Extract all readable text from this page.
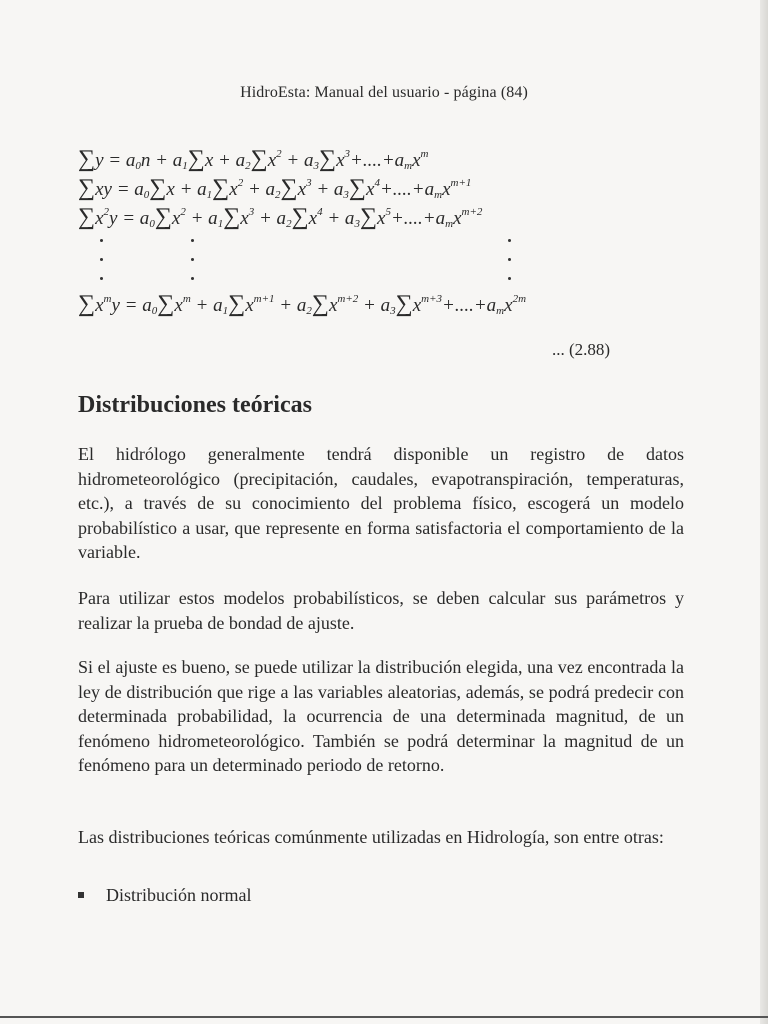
HidroEsta: Manual del usuario - página (84)
$\sum y = a_0n + a_1\sum x + a_2\sum x^2 + a_3\sum x^3+....+a_mx^m$
$\sum xy = a_0\sum x + a_1\sum x^2 + a_2\sum x^3 + a_3\sum x^4+....+a_mx^{m+1}$
$\sum x^2y = a_0\sum x^2 + a_1\sum x^3 + a_2\sum x^4 + a_3\sum x^5+....+a_mx^{m+2}$
$\sum x^my = a_0\sum x^m + a_1\sum x^{m+1} + a_2\sum x^{m+2} + a_3\sum x^{m+3}+....+a_mx^{2m}$
... (2.88)
Distribuciones teóricas
El hidrólogo generalmente tendrá disponible un registro de datos hidrometeorológico (precipitación, caudales, evapotranspiración, temperaturas, etc.), a través de su conocimiento del problema físico, escogerá un modelo probabilístico a usar, que represente en forma satisfactoria el comportamiento de la variable.
Para utilizar estos modelos probabilísticos, se deben calcular sus parámetros y realizar la prueba de bondad de ajuste.
Si el ajuste es bueno, se puede utilizar la distribución elegida, una vez encontrada la ley de distribución que rige a las variables aleatorias, además, se podrá predecir con determinada probabilidad, la ocurrencia de una determinada magnitud, de un fenómeno hidrometeorológico. También se podrá determinar la magnitud de un fenómeno para un determinado periodo de retorno.
Las distribuciones teóricas comúnmente utilizadas en Hidrología, son entre otras:
Distribución normal
